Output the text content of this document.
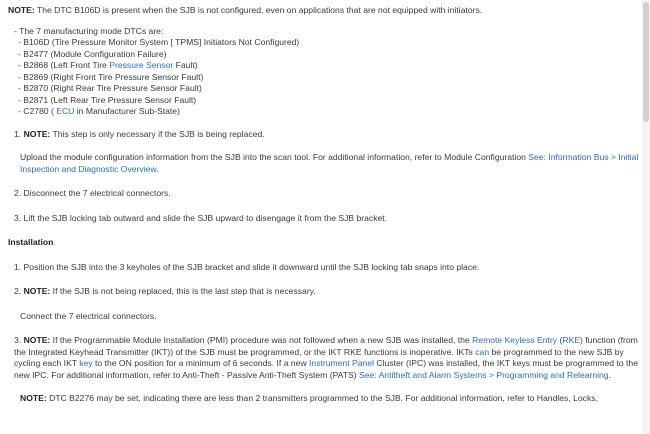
NOTE: The DTC B106D is present when the SJB is not configured, even on applications that are not equipped with initiators.

- The 7 manufacturing mode DTCs are:
- B106D (Tire Pressure Monitor System [ TPMS] Initiators Not Configured)
- B2477 (Module Configuration Failure)
- B2868 (Left Front Tire Pressure Sensor Fault)
- B2869 (Right Front Tire Pressure Sensor Fault)
- B2870 (Right Rear Tire Pressure Sensor Fault)
- B2871 (Left Rear Tire Pressure Sensor Fault)
- C2780 ( ECU in Manufacturer Sub-State)
1. NOTE: This step is only necessary if the SJB is being replaced.
Upload the module configuration information from the SJB into the scan tool. For additional information, refer to Module Configuration See: Information Bus > Initial Inspection and Diagnostic Overview.
2. Disconnect the 7 electrical connectors.
3. Lift the SJB locking tab outward and slide the SJB upward to disengage it from the SJB bracket.
Installation
1. Position the SJB into the 3 keyholes of the SJB bracket and slide it downward until the SJB locking tab snaps into place.
2. NOTE: If the SJB is not being replaced, this is the last step that is necessary.
Connect the 7 electrical connectors.
3. NOTE: If the Programmable Module Installation (PMI) procedure was not followed when a new SJB was installed, the Remote Keyless Entry (RKE) function (from the Integrated Keyhead Transmitter (IKT)) of the SJB must be programmed, or the IKT RKE functions is inoperative. IKTs can be programmed to the new SJB by cycling each IKT key to the ON position for a minimum of 6 seconds. If a new Instrument Panel Cluster (IPC) was installed, the IKT keys must be programmed to the new IPC. For additional information, refer to Anti-Theft - Passive Anti-Theft System (PATS) See: Antitheft and Alarm Systems > Programming and Relearning.
NOTE: DTC B2276 may be set, indicating there are less than 2 transmitters programmed to the SJB. For additional information, refer to Handles, Locks,
